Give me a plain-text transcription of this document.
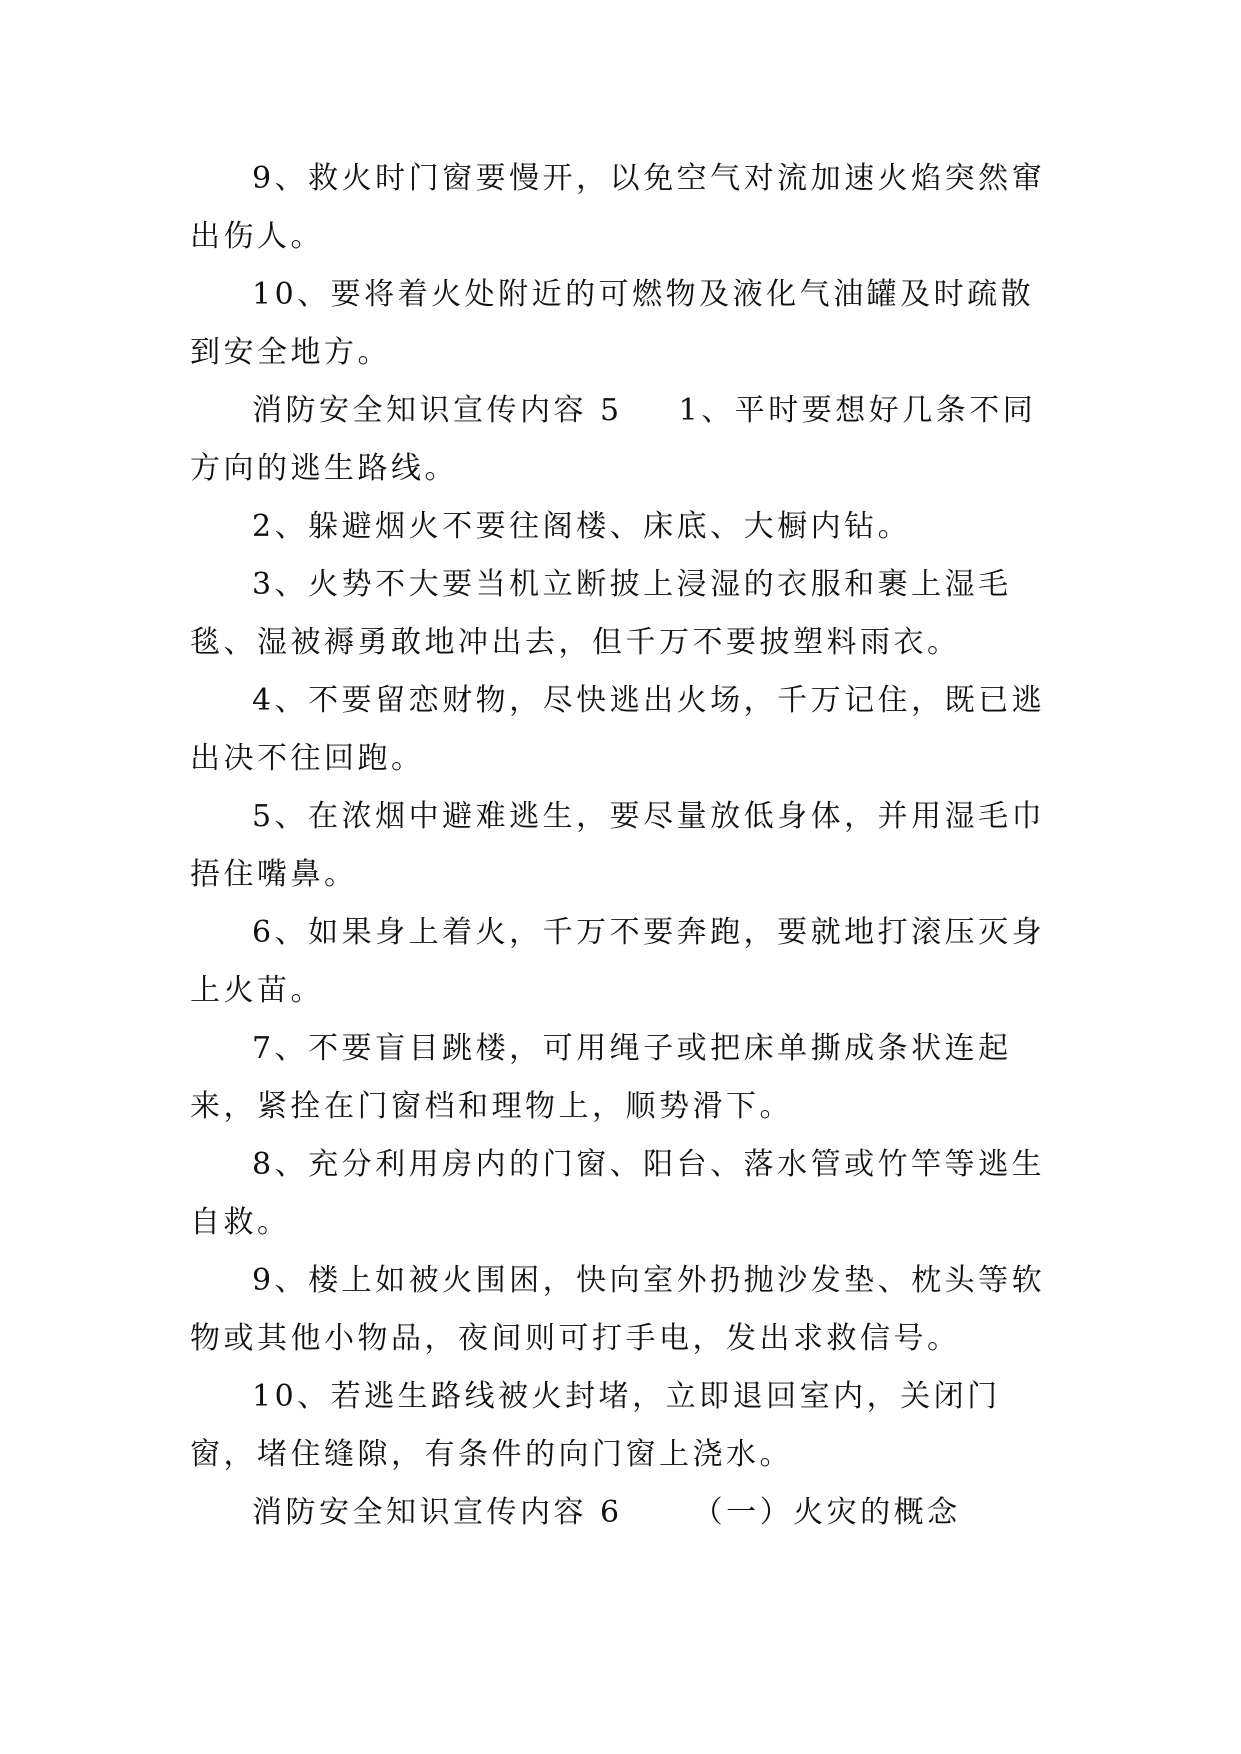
9、救火时门窗要慢开，以免空气对流加速火焰突然窜出伤人。

10、要将着火处附近的可燃物及液化气油罐及时疏散到安全地方。

消防安全知识宣传内容 5 1、平时要想好几条不同方向的逃生路线。

2、躲避烟火不要往阁楼、床底、大橱内钻。

3、火势不大要当机立断披上浸湿的衣服和裹上湿毛毯、湿被褥勇敢地冲出去，但千万不要披塑料雨衣。

4、不要留恋财物，尽快逃出火场，千万记住，既已逃出决不往回跑。

5、在浓烟中避难逃生，要尽量放低身体，并用湿毛巾捂住嘴鼻。

6、如果身上着火，千万不要奔跑，要就地打滚压灭身上火苗。

7、不要盲目跳楼，可用绳子或把床单撕成条状连起来，紧拴在门窗档和理物上，顺势滑下。

8、充分利用房内的门窗、阳台、落水管或竹竿等逃生自救。

9、楼上如被火围困，快向室外扔抛沙发垫、枕头等软物或其他小物品，夜间则可打手电，发出求救信号。

10、若逃生路线被火封堵，立即退回室内，关闭门窗，堵住缝隙，有条件的向门窗上浇水。

消防安全知识宣传内容 6 （一）火灾的概念
